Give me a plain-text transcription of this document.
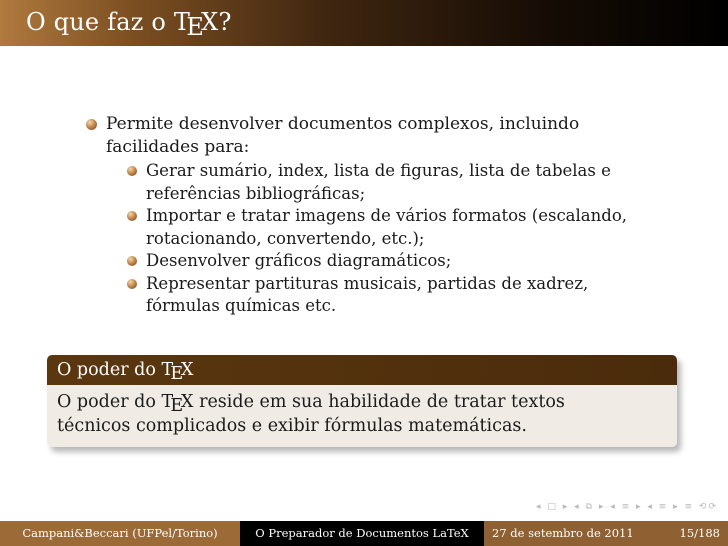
O que faz o TEX?
Permite desenvolver documentos complexos, incluindo
facilidades para:
Gerar sumário, index, lista de figuras, lista de tabelas e
referências bibliográficas;
Importar e tratar imagens de vários formatos (escalando,
rotacionando, convertendo, etc.);
Desenvolver gráficos diagramáticos;
Representar partituras musicais, partidas de xadrez,
fórmulas químicas etc.
O poder do TEX
O poder do TEX reside em sua habilidade de tratar textos
técnicos complicados e exibir fórmulas matemáticas.
◂ □ ▸ ◂ ⧉ ▸ ◂ ≡ ▸ ◂ ≡ ▸ ≡ ⟲⟳
Campani&Beccari (UFPel/Torino)	O Preparador de Documentos LaTeX	27 de setembro de 2011	15/188
